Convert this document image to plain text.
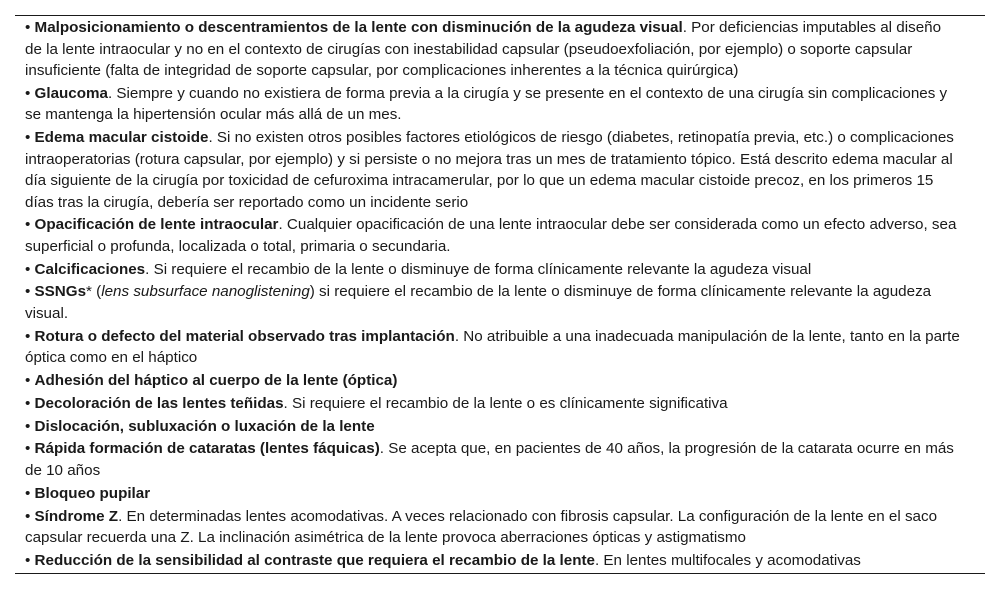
• Malposicionamiento o descentramientos de la lente con disminución de la agudeza visual. Por deficiencias imputables al diseño de la lente intraocular y no en el contexto de cirugías con inestabilidad capsular (pseudoexfoliación, por ejemplo) o soporte capsular insuficiente (falta de integridad de soporte capsular, por complicaciones inherentes a la técnica quirúrgica)

• Glaucoma. Siempre y cuando no existiera de forma previa a la cirugía y se presente en el contexto de una cirugía sin complicaciones y se mantenga la hipertensión ocular más allá de un mes.

• Edema macular cistoide. Si no existen otros posibles factores etiológicos de riesgo (diabetes, retinopatía previa, etc.) o complicaciones intraoperatorias (rotura capsular, por ejemplo) y si persiste o no mejora tras un mes de tratamiento tópico. Está descrito edema macular al día siguiente de la cirugía por toxicidad de cefuroxima intracamerular, por lo que un edema macular cistoide precoz, en los primeros 15 días tras la cirugía, debería ser reportado como un incidente serio

• Opacificación de lente intraocular. Cualquier opacificación de una lente intraocular debe ser considerada como un efecto adverso, sea superficial o profunda, localizada o total, primaria o secundaria.

• Calcificaciones. Si requiere el recambio de la lente o disminuye de forma clínicamente relevante la agudeza visual

• SSNGs* (lens subsurface nanoglistening) si requiere el recambio de la lente o disminuye de forma clínicamente relevante la agudeza visual.

• Rotura o defecto del material observado tras implantación. No atribuible a una inadecuada manipulación de la lente, tanto en la parte óptica como en el háptico

• Adhesión del háptico al cuerpo de la lente (óptica)

• Decoloración de las lentes teñidas. Si requiere el recambio de la lente o es clínicamente significativa

• Dislocación, subluxación o luxación de la lente

• Rápida formación de cataratas (lentes fáquicas). Se acepta que, en pacientes de 40 años, la progresión de la catarata ocurre en más de 10 años

• Bloqueo pupilar

• Síndrome Z. En determinadas lentes acomodativas. A veces relacionado con fibrosis capsular. La configuración de la lente en el saco capsular recuerda una Z. La inclinación asimétrica de la lente provoca aberraciones ópticas y astigmatismo

• Reducción de la sensibilidad al contraste que requiera el recambio de la lente. En lentes multifocales y acomodativas
